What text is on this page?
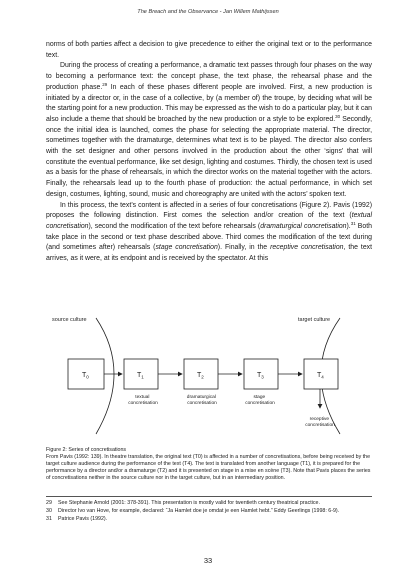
The Breach and the Observance - Jan Willem Mathijssen

norms of both parties affect a decision to give precedence to either the original text or to the performance text.

During the process of creating a performance, a dramatic text passes through four phases on the way to becoming a performance text: the concept phase, the text phase, the rehearsal phase and the production phase.$^{29}$ In each of these phases different people are involved. First, a new production is initiated by a director or, in the case of a collective, by (a member of) the troupe, by deciding what will be the starting point for a new production. This may be expressed as the wish to do a particular play, but it can also include a theme that should be broached by the new production or a style to be explored.$^{30}$ Secondly, once the initial idea is launched, comes the phase for selecting the appropriate material. The director, sometimes together with the dramaturge, determines what text is to be played. The director also confers with the set designer and other persons involved in the production about the other ‘signs’ that will constitute the eventual performance, like set design, lighting and costumes. Thirdly, the chosen text is used as a basis for the phase of rehearsals, in which the director works on the material together with the actors. Finally, the rehearsals lead up to the fourth phase of production: the actual performance, in which set design, costumes, lighting, sound, music and choreography are united with the actors’ spoken text.

In this process, the text’s content is affected in a series of four concretisations (Figure 2). Pavis (1992) proposes the following distinction. First comes the selection and/or creation of the text (textual concretisation), second the modification of the text before rehearsals (dramaturgical concretisation).$^{31}$ Both take place in the second or text phase described above. Third comes the modification of the text during (and sometimes after) rehearsals (stage concretisation). Finally, in the receptive concretisation, the text arrives, as it were, at its endpoint and is received by the spectator. At this

source culture	target culture
$T_0$	$T_1$	$T_2$	$T_3$	$T_4$
textual concretisation
dramaturgical concretisation
stage concretisation
receptive concretisation

Figure 2: Series of concretisations
From Pavis (1992: 139). In theatre translation, the original text (T0) is affected in a number of concretisations, before being received by the target culture audience during the performance of the text (T4). The text is translated from another language (T1), it is prepared for the performance by a director and/or a dramaturge (T2) and it is presented on stage in a mise en scène (T3). Note that Pavis places the series of concretisations neither in the source culture nor in the target culture, but in an intermediary position.

29	See Stephanie Arnold (2001: 378-391). This presentation is mostly valid for twentieth century theatrical practice.
30	Director Ivo van Hove, for example, declared: “Ja Hamlet doe je omdat je een Hamlet hebt.” Eddy Geerlings (1998: 6-9).
31	Patrice Pavis (1992).
33
